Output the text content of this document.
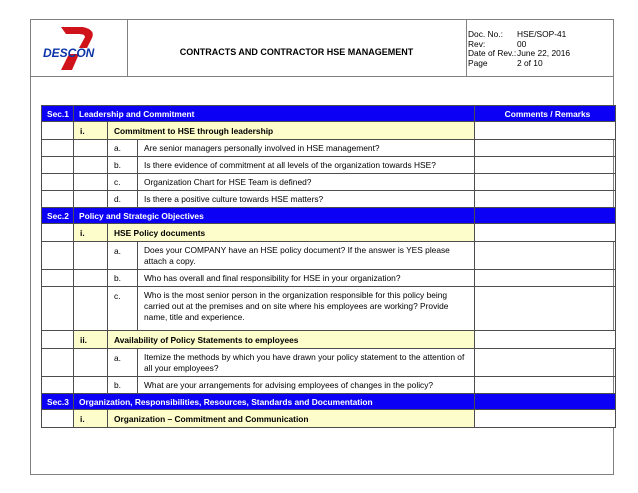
DESCON	CONTRACTS AND CONTRACTOR HSE MANAGEMENT
Doc. No.:	HSE/SOP-41
Rev:	00
Date of Rev.: June 22, 2016
Page	2 of 10
Sec.1	Leadership and Commitment			Comments / Remarks
	i.	Commitment to HSE through leadership		
		a.	Are senior managers personally involved in HSE management?	
		b.	Is there evidence of commitment at all levels of the organization towards HSE?	
		c.	Organization Chart for HSE Team is defined?	
		d.	Is there a positive culture towards HSE matters?	
Sec.2	Policy and Strategic Objectives			
	i.	HSE Policy documents		
		a.	Does your COMPANY have an HSE policy document? If the answer is YES please attach a copy.	
		b.	Who has overall and final responsibility for HSE in your organization?	
		c.	Who is the most senior person in the organization responsible for this policy being carried out at the premises and on site where his employees are working? Provide name, title and experience.	
	ii.	Availability of Policy Statements to employees		
		a.	Itemize the methods by which you have drawn your policy statement to the attention of all your employees?	
		b.	What are your arrangements for advising employees of changes in the policy?	
Sec.3	Organization, Responsibilities, Resources, Standards and Documentation			
	i.	Organization – Commitment and Communication		
